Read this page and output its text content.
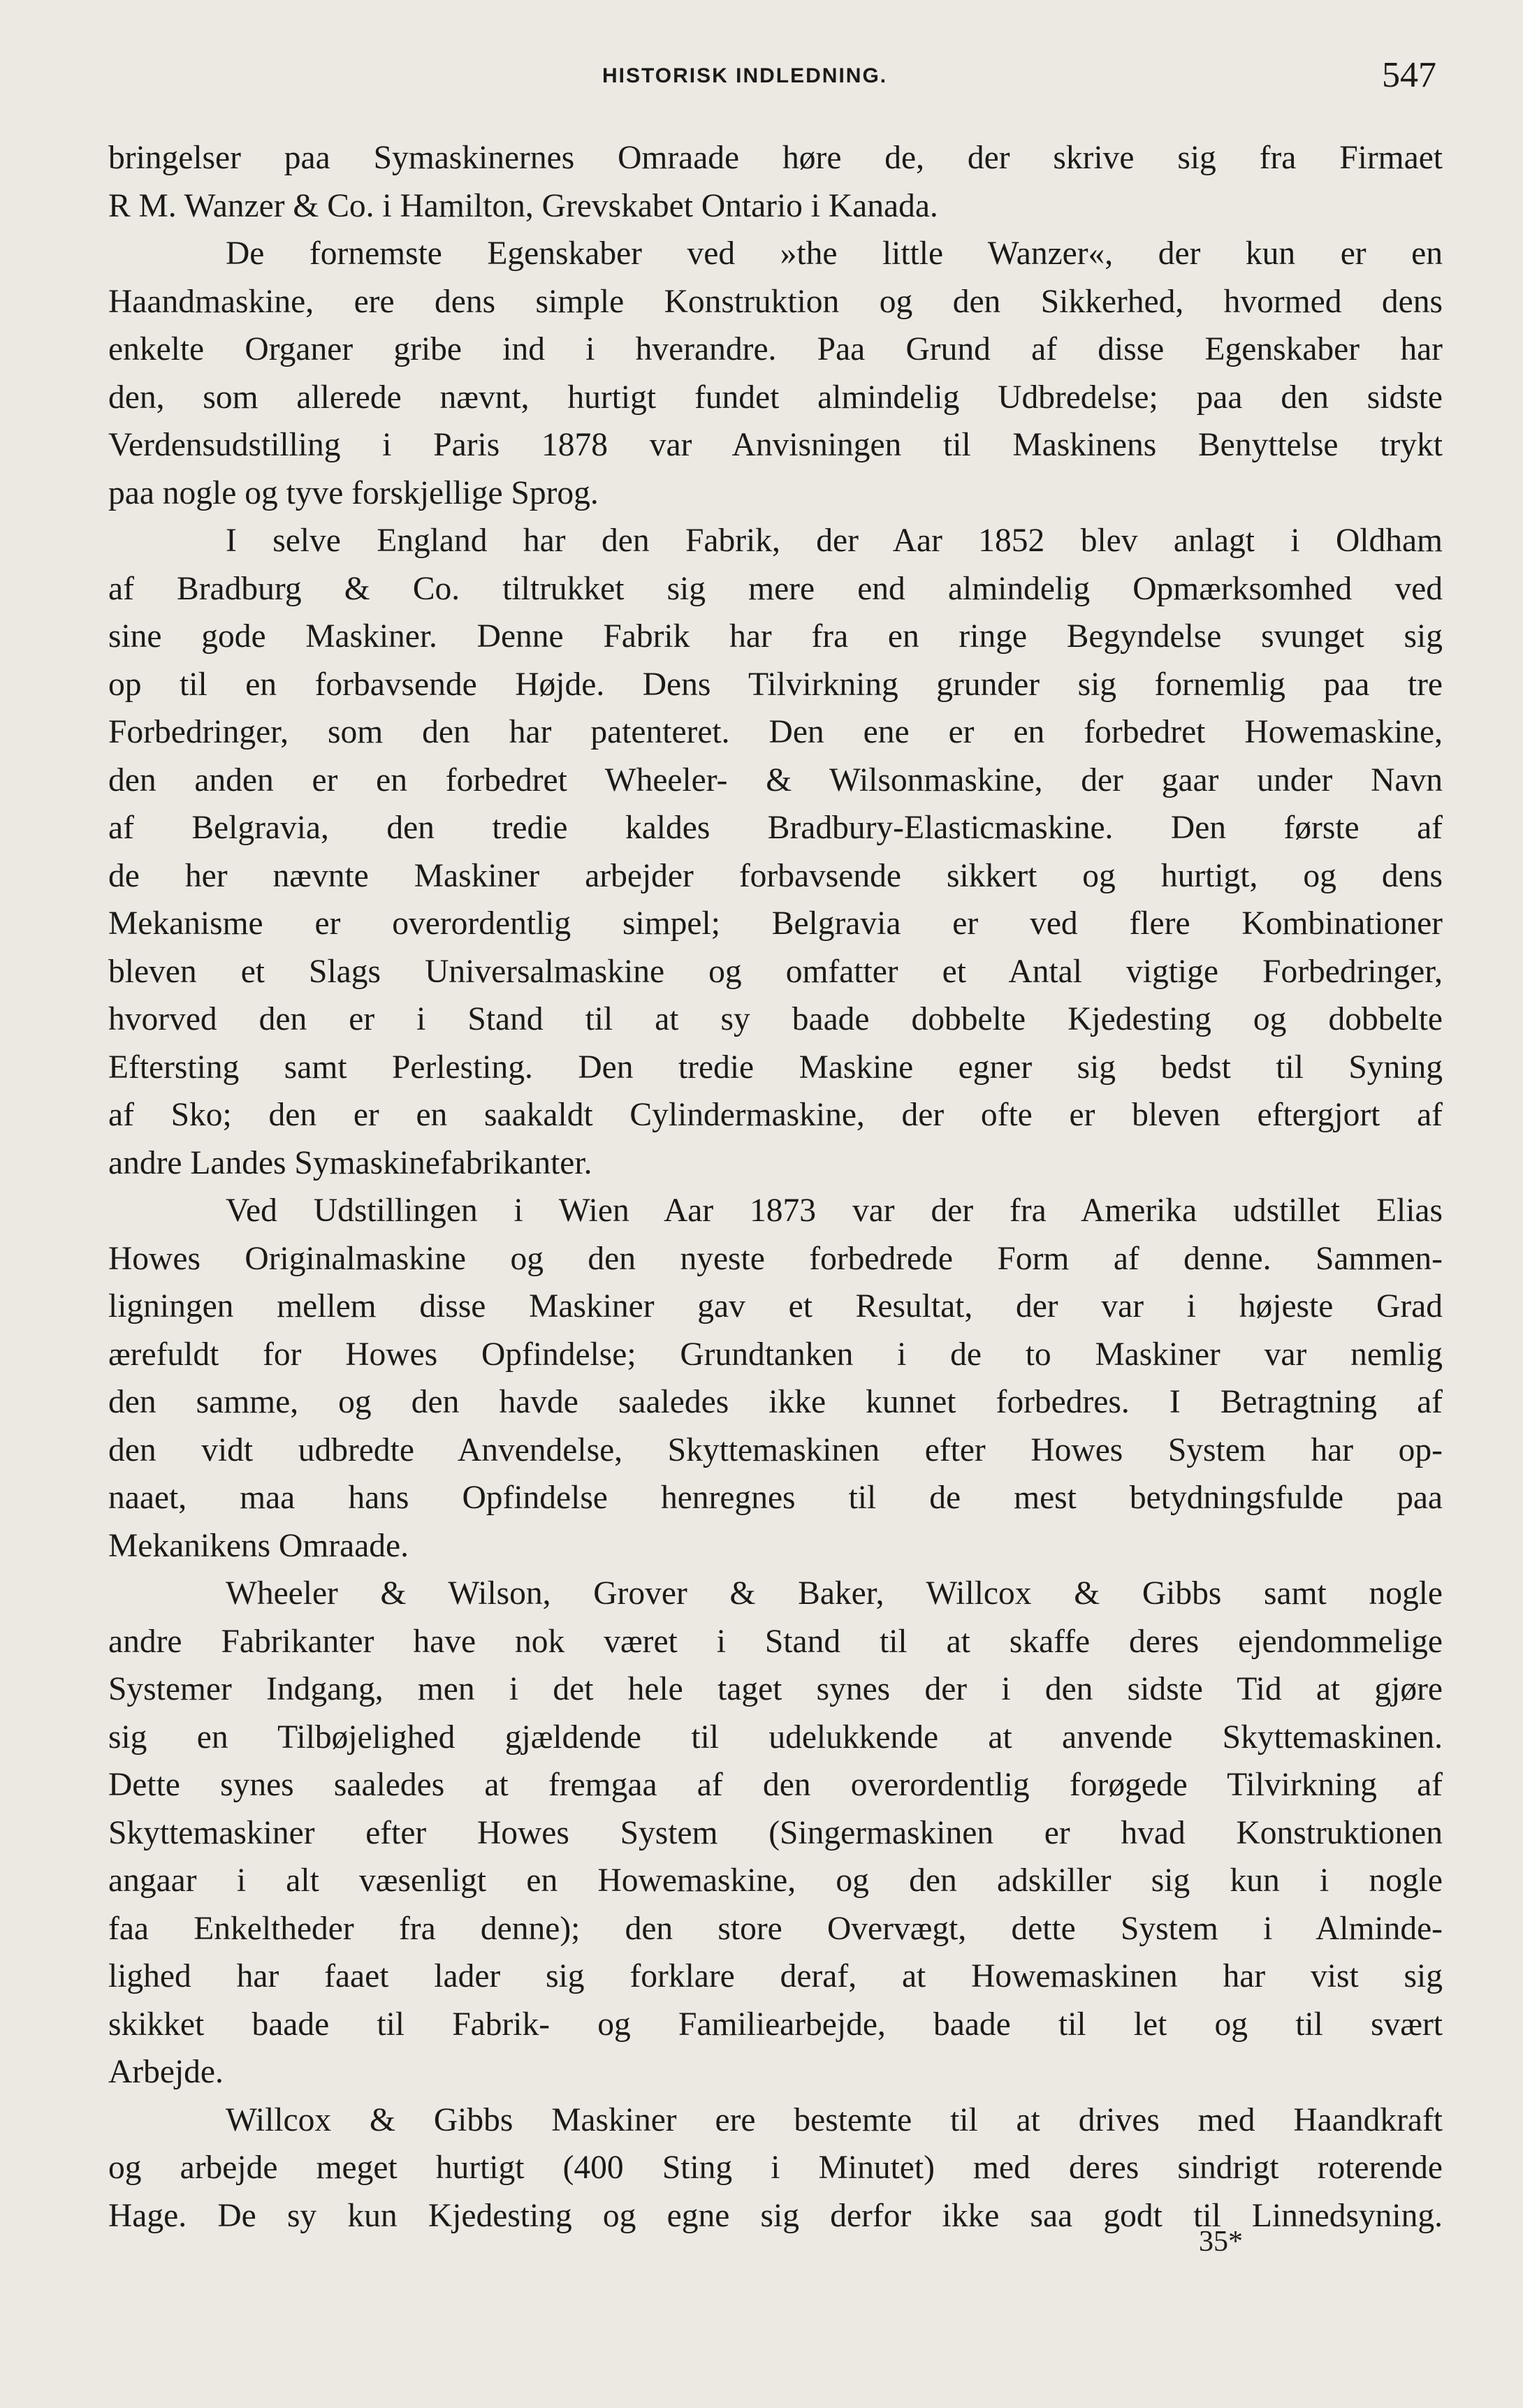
HISTORISK INDLEDNING.	547
bringelser paa Symaskinernes Omraade høre de, der skrive sig fra Firmaet
R M. Wanzer & Co. i Hamilton, Grevskabet Ontario i Kanada.
De fornemste Egenskaber ved »the little Wanzer«, der kun er en
Haandmaskine, ere dens simple Konstruktion og den Sikkerhed, hvormed dens
enkelte Organer gribe ind i hverandre. Paa Grund af disse Egenskaber har
den, som allerede nævnt, hurtigt fundet almindelig Udbredelse; paa den sidste
Verdensudstilling i Paris 1878 var Anvisningen til Maskinens Benyttelse trykt
paa nogle og tyve forskjellige Sprog.
I selve England har den Fabrik, der Aar 1852 blev anlagt i Oldham
af Bradburg & Co. tiltrukket sig mere end almindelig Opmærksomhed ved
sine gode Maskiner. Denne Fabrik har fra en ringe Begyndelse svunget sig
op til en forbavsende Højde. Dens Tilvirkning grunder sig fornemlig paa tre
Forbedringer, som den har patenteret. Den ene er en forbedret Howemaskine,
den anden er en forbedret Wheeler- & Wilsonmaskine, der gaar under Navn
af Belgravia, den tredie kaldes Bradbury-Elasticmaskine. Den første af
de her nævnte Maskiner arbejder forbavsende sikkert og hurtigt, og dens
Mekanisme er overordentlig simpel; Belgravia er ved flere Kombinationer
bleven et Slags Universalmaskine og omfatter et Antal vigtige Forbedringer,
hvorved den er i Stand til at sy baade dobbelte Kjedesting og dobbelte
Eftersting samt Perlesting. Den tredie Maskine egner sig bedst til Syning
af Sko; den er en saakaldt Cylindermaskine, der ofte er bleven eftergjort af
andre Landes Symaskinefabrikanter.
Ved Udstillingen i Wien Aar 1873 var der fra Amerika udstillet Elias
Howes Originalmaskine og den nyeste forbedrede Form af denne. Sammen-
ligningen mellem disse Maskiner gav et Resultat, der var i højeste Grad
ærefuldt for Howes Opfindelse; Grundtanken i de to Maskiner var nemlig
den samme, og den havde saaledes ikke kunnet forbedres. I Betragtning af
den vidt udbredte Anvendelse, Skyttemaskinen efter Howes System har op-
naaet, maa hans Opfindelse henregnes til de mest betydningsfulde paa
Mekanikens Omraade.
Wheeler & Wilson, Grover & Baker, Willcox & Gibbs samt nogle
andre Fabrikanter have nok været i Stand til at skaffe deres ejendommelige
Systemer Indgang, men i det hele taget synes der i den sidste Tid at gjøre
sig en Tilbøjelighed gjældende til udelukkende at anvende Skyttemaskinen.
Dette synes saaledes at fremgaa af den overordentlig forøgede Tilvirkning af
Skyttemaskiner efter Howes System (Singermaskinen er hvad Konstruktionen
angaar i alt væsenligt en Howemaskine, og den adskiller sig kun i nogle
faa Enkeltheder fra denne); den store Overvægt, dette System i Alminde-
lighed har faaet lader sig forklare deraf, at Howemaskinen har vist sig
skikket baade til Fabrik- og Familiearbejde, baade til let og til svært
Arbejde.
Willcox & Gibbs Maskiner ere bestemte til at drives med Haandkraft
og arbejde meget hurtigt (400 Sting i Minutet) med deres sindrigt roterende
Hage. De sy kun Kjedesting og egne sig derfor ikke saa godt til Linnedsyning.
35*
